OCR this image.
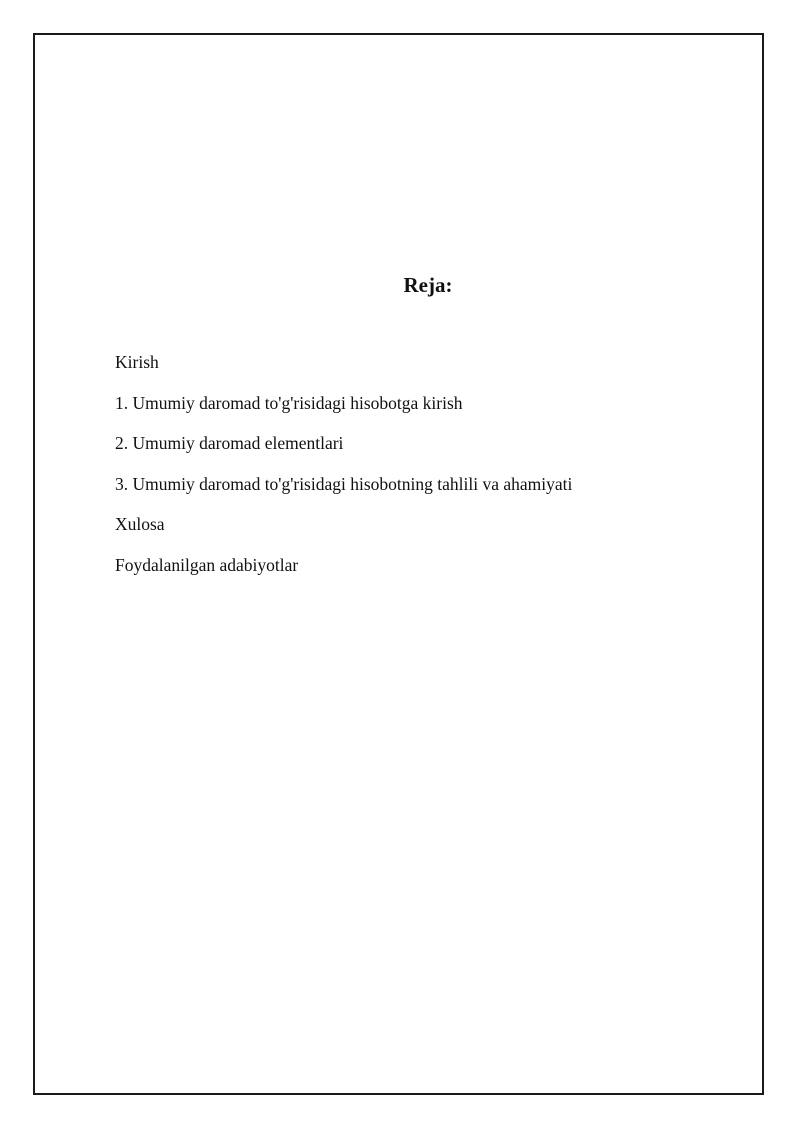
Reja:
Kirish
1. Umumiy daromad to'g'risidagi hisobotga kirish
2. Umumiy daromad elementlari
3. Umumiy daromad to'g'risidagi hisobotning tahlili va ahamiyati
Xulosa
Foydalanilgan adabiyotlar
